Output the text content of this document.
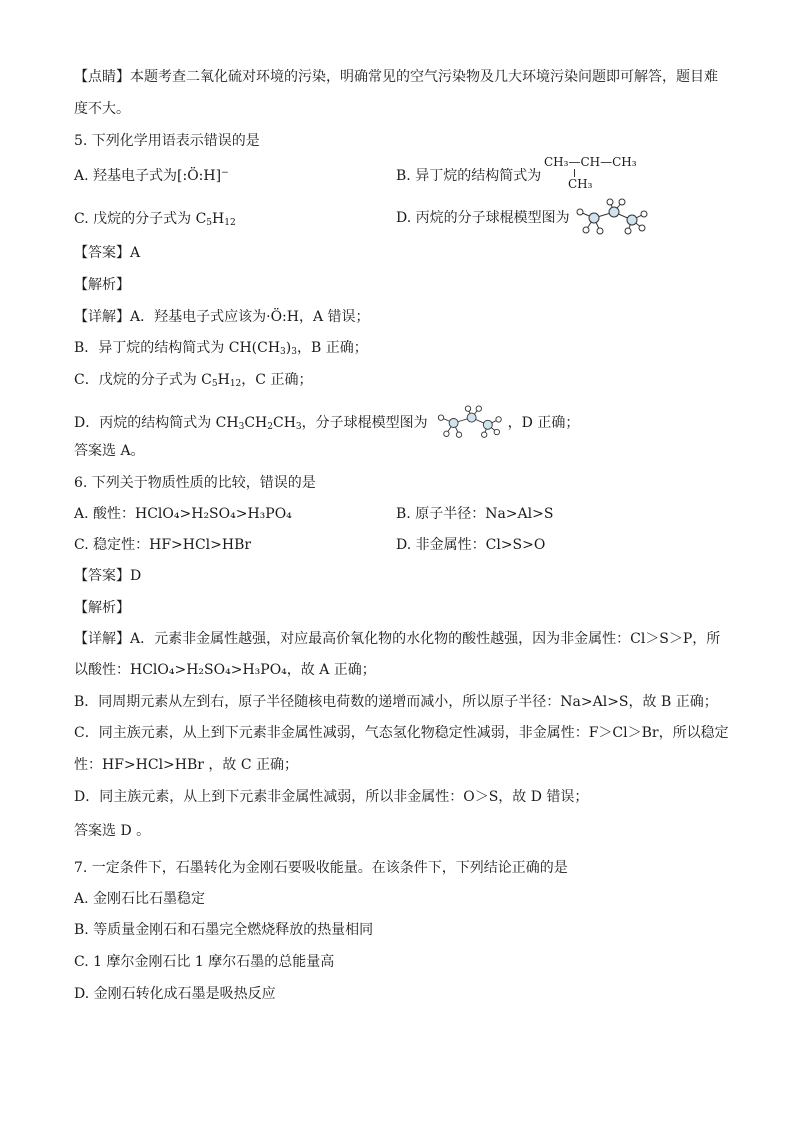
【点睛】本题考查二氧化硫对环境的污染，明确常见的空气污染物及几大环境污染问题即可解答，题目难
度不大。
5. 下列化学用语表示错误的是
A. 羟基电子式为[:Ö:H]−	B. 异丁烷的结构简式为
CH₃—CH—CH₃
CH₃
C. 戊烷的分子式为 $C_5H_{12}$	D. 丙烷的分子球棍模型图为
【答案】A
【解析】
【详解】A．羟基电子式应该为·Ö:H，A 错误；
B．异丁烷的结构简式为 $CH(CH_3)_3$，B 正确；
C．戊烷的分子式为 $C_5H_{12}$，C 正确；
D．丙烷的结构简式为 $CH_3CH_2CH_3$，分子球棍模型图为	，D 正确；
答案选 A。
6. 下列关于物质性质的比较，错误的是
A. 酸性：HClO₄>H₂SO₄>H₃PO₄	B. 原子半径：Na>Al>S
C. 稳定性：HF>HCl>HBr	D. 非金属性：Cl>S>O
【答案】D
【解析】
【详解】A．元素非金属性越强，对应最高价氧化物的水化物的酸性越强，因为非金属性：Cl＞S＞P，所
以酸性：HClO₄>H₂SO₄>H₃PO₄，故 A 正确；
B．同周期元素从左到右，原子半径随核电荷数的递增而减小，所以原子半径：Na>Al>S，故 B 正确；
C．同主族元素，从上到下元素非金属性减弱，气态氢化物稳定性减弱，非金属性：F＞Cl＞Br，所以稳定
性：HF>HCl>HBr ，故 C 正确；
D．同主族元素，从上到下元素非金属性减弱，所以非金属性：O＞S，故 D 错误；
答案选 D 。
7. 一定条件下，石墨转化为金刚石要吸收能量。在该条件下，下列结论正确的是
A. 金刚石比石墨稳定
B. 等质量金刚石和石墨完全燃烧释放的热量相同
C. 1 摩尔金刚石比 1 摩尔石墨的总能量高
D. 金刚石转化成石墨是吸热反应
